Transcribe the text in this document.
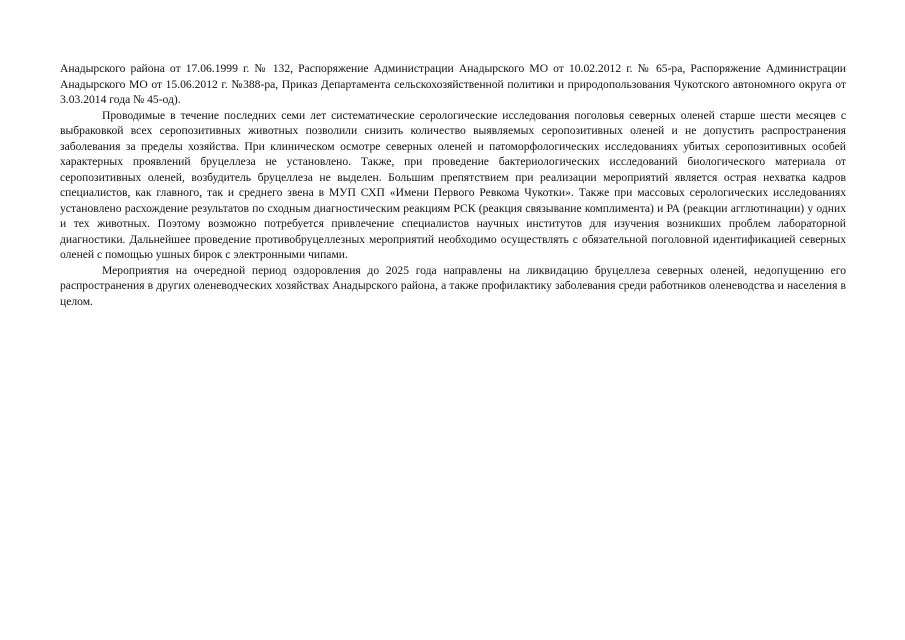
Анадырского района от 17.06.1999 г. № 132, Распоряжение Администрации Анадырского МО от 10.02.2012 г. № 65-ра, Распоряжение Администрации Анадырского МО от 15.06.2012 г. №388-ра, Приказ Департамента сельскохозяйственной политики и природопользования Чукотского автономного округа от 3.03.2014 года № 45-од).

Проводимые в течение последних семи лет систематические серологические исследования поголовья северных оленей старше шести месяцев с выбраковкой всех серопозитивных животных позволили снизить количество выявляемых серопозитивных оленей и не допустить распространения заболевания за пределы хозяйства. При клиническом осмотре северных оленей и патоморфологических исследованиях убитых серопозитивных особей характерных проявлений бруцеллеза не установлено. Также, при проведение бактериологических исследований биологического материала от серопозитивных оленей, возбудитель бруцеллеза не выделен. Большим препятствием при реализации мероприятий является острая нехватка кадров специалистов, как главного, так и среднего звена в МУП СХП «Имени Первого Ревкома Чукотки». Также при массовых серологических исследованиях установлено расхождение результатов по сходным диагностическим реакциям РСК (реакция связывание комплимента) и РА (реакции агглютинации) у одних и тех животных. Поэтому возможно потребуется привлечение специалистов научных институтов для изучения возникших проблем лабораторной диагностики. Дальнейшее проведение противобруцеллезных мероприятий необходимо осуществлять с обязательной поголовной идентификацией северных оленей с помощью ушных бирок с электронными чипами.

Мероприятия на очередной период оздоровления до 2025 года направлены на ликвидацию бруцеллеза северных оленей, недопущению его распространения в других оленеводческих хозяйствах Анадырского района, а также профилактику заболевания среди работников оленеводства и населения в целом.
